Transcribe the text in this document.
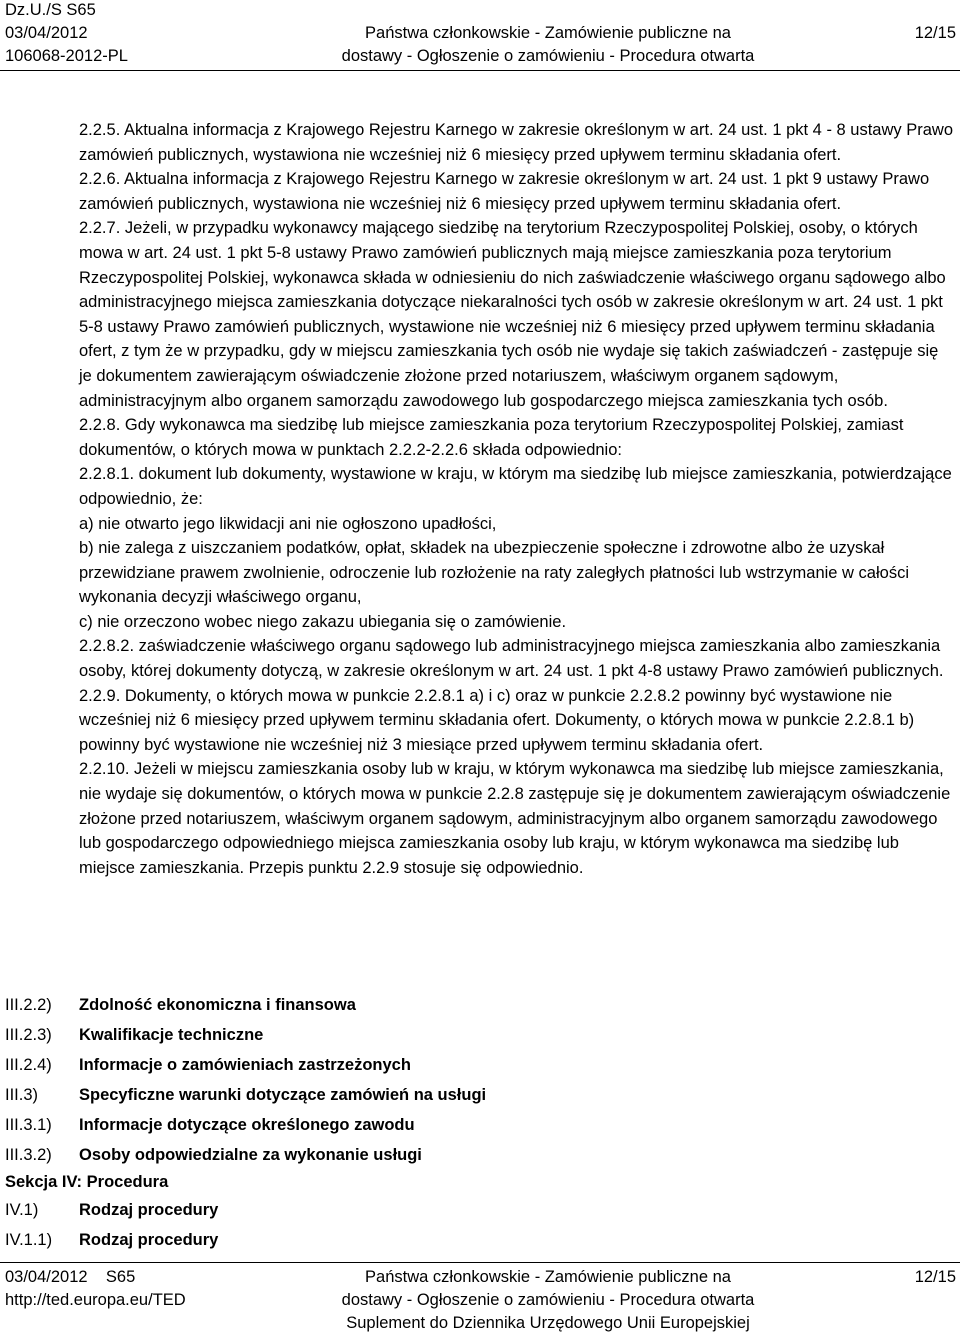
Dz.U./S S65
03/04/2012
106068-2012-PL
Państwa członkowskie - Zamówienie publiczne na
dostawy - Ogłoszenie o zamówieniu - Procedura otwarta
12/15

2.2.5. Aktualna informacja z Krajowego Rejestru Karnego w zakresie określonym w art. 24 ust. 1 pkt 4 - 8 ustawy Prawo zamówień publicznych, wystawiona nie wcześniej niż 6 miesięcy przed upływem terminu składania ofert.

2.2.6. Aktualna informacja z Krajowego Rejestru Karnego w zakresie określonym w art. 24 ust. 1 pkt 9 ustawy Prawo zamówień publicznych, wystawiona nie wcześniej niż 6 miesięcy przed upływem terminu składania ofert.

2.2.7. Jeżeli, w przypadku wykonawcy mającego siedzibę na terytorium Rzeczypospolitej Polskiej, osoby, o których mowa w art. 24 ust. 1 pkt 5-8 ustawy Prawo zamówień publicznych mają miejsce zamieszkania poza terytorium Rzeczypospolitej Polskiej, wykonawca składa w odniesieniu do nich zaświadczenie właściwego organu sądowego albo administracyjnego miejsca zamieszkania dotyczące niekaralności tych osób w zakresie określonym w art. 24 ust. 1 pkt 5-8 ustawy Prawo zamówień publicznych, wystawione nie wcześniej niż 6 miesięcy przed upływem terminu składania ofert, z tym że w przypadku, gdy w miejscu zamieszkania tych osób nie wydaje się takich zaświadczeń - zastępuje się je dokumentem zawierającym oświadczenie złożone przed notariuszem, właściwym organem sądowym, administracyjnym albo organem samorządu zawodowego lub gospodarczego miejsca zamieszkania tych osób.

2.2.8. Gdy wykonawca ma siedzibę lub miejsce zamieszkania poza terytorium Rzeczypospolitej Polskiej, zamiast dokumentów, o których mowa w punktach 2.2.2-2.2.6 składa odpowiednio:

2.2.8.1. dokument lub dokumenty, wystawione w kraju, w którym ma siedzibę lub miejsce zamieszkania, potwierdzające odpowiednio, że:

a) nie otwarto jego likwidacji ani nie ogłoszono upadłości,

b) nie zalega z uiszczaniem podatków, opłat, składek na ubezpieczenie społeczne i zdrowotne albo że uzyskał przewidziane prawem zwolnienie, odroczenie lub rozłożenie na raty zaległych płatności lub wstrzymanie w całości wykonania decyzji właściwego organu,

c) nie orzeczono wobec niego zakazu ubiegania się o zamówienie.

2.2.8.2. zaświadczenie właściwego organu sądowego lub administracyjnego miejsca zamieszkania albo zamieszkania osoby, której dokumenty dotyczą, w zakresie określonym w art. 24 ust. 1 pkt 4-8 ustawy Prawo zamówień publicznych.

2.2.9. Dokumenty, o których mowa w punkcie 2.2.8.1 a) i c) oraz w punkcie 2.2.8.2 powinny być wystawione nie wcześniej niż 6 miesięcy przed upływem terminu składania ofert. Dokumenty, o których mowa w punkcie 2.2.8.1 b) powinny być wystawione nie wcześniej niż 3 miesiące przed upływem terminu składania ofert.

2.2.10. Jeżeli w miejscu zamieszkania osoby lub w kraju, w którym wykonawca ma siedzibę lub miejsce zamieszkania, nie wydaje się dokumentów, o których mowa w punkcie 2.2.8 zastępuje się je dokumentem zawierającym oświadczenie złożone przed notariuszem, właściwym organem sądowym, administracyjnym albo organem samorządu zawodowego lub gospodarczego odpowiedniego miejsca zamieszkania osoby lub kraju, w którym wykonawca ma siedzibę lub miejsce zamieszkania. Przepis punktu 2.2.9 stosuje się odpowiednio.

III.2.2) Zdolność ekonomiczna i finansowa
III.2.3) Kwalifikacje techniczne
III.2.4) Informacje o zamówieniach zastrzeżonych
III.3) Specyficzne warunki dotyczące zamówień na usługi
III.3.1) Informacje dotyczące określonego zawodu
III.3.2) Osoby odpowiedzialne za wykonanie usługi
Sekcja IV: Procedura
IV.1) Rodzaj procedury
IV.1.1) Rodzaj procedury
03/04/2012    S65
http://ted.europa.eu/TED
Państwa członkowskie - Zamówienie publiczne na
dostawy - Ogłoszenie o zamówieniu - Procedura otwarta
Suplement do Dziennika Urzędowego Unii Europejskiej
12/15
